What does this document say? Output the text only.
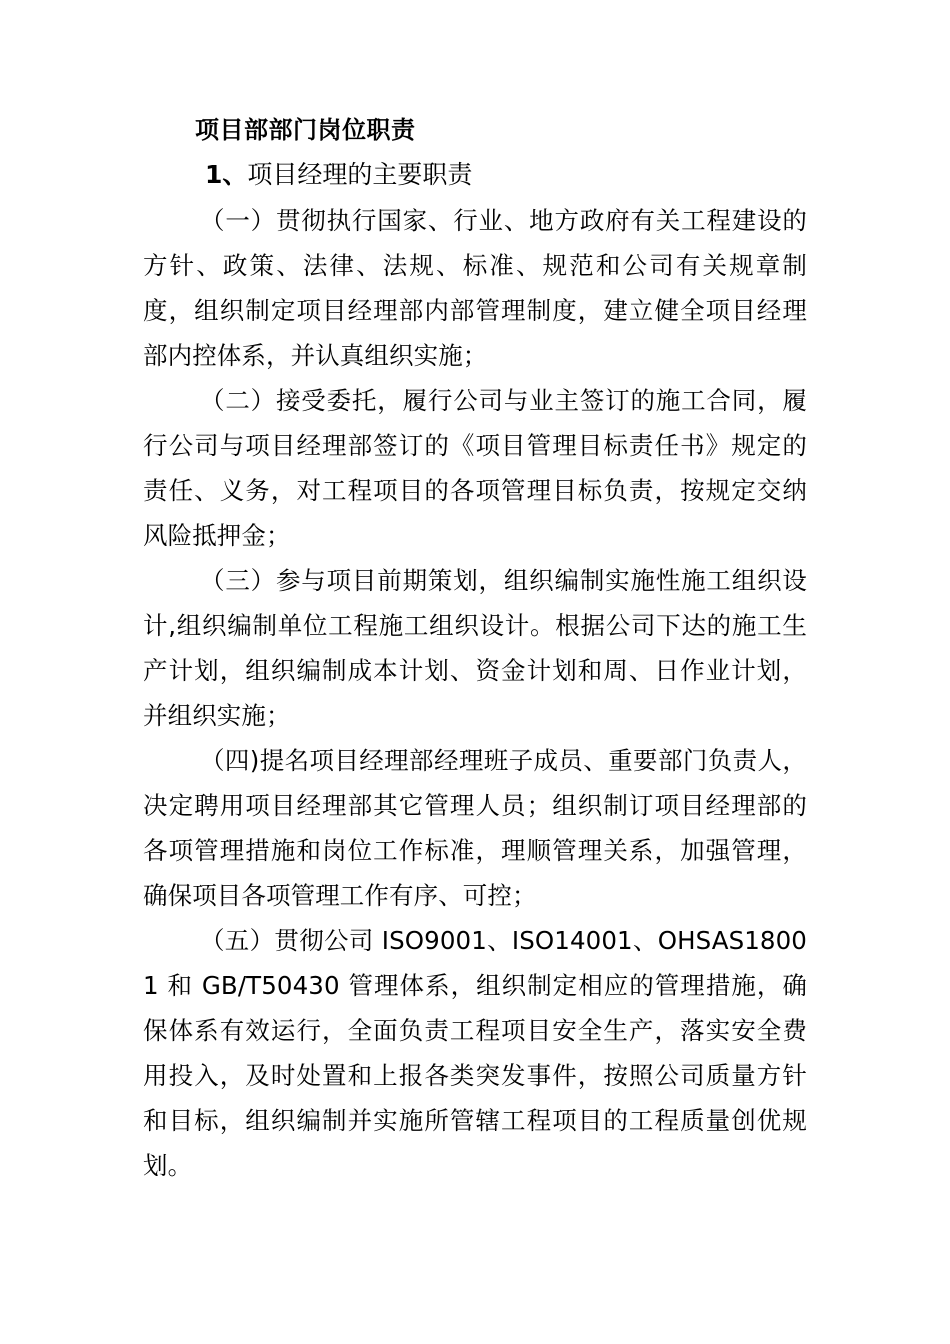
项目部部门岗位职责
1、项目经理的主要职责

（一）贯彻执行国家、行业、地方政府有关工程建设的方针、政策、法律、法规、标准、规范和公司有关规章制度，组织制定项目经理部内部管理制度，建立健全项目经理部内控体系，并认真组织实施；

（二）接受委托，履行公司与业主签订的施工合同，履行公司与项目经理部签订的《项目管理目标责任书》规定的责任、义务，对工程项目的各项管理目标负责，按规定交纳风险抵押金；

（三）参与项目前期策划，组织编制实施性施工组织设计,组织编制单位工程施工组织设计。根据公司下达的施工生产计划，组织编制成本计划、资金计划和周、日作业计划，并组织实施；

（四)提名项目经理部经理班子成员、重要部门负责人，决定聘用项目经理部其它管理人员；组织制订项目经理部的各项管理措施和岗位工作标准，理顺管理关系，加强管理，确保项目各项管理工作有序、可控；

（五）贯彻公司 ISO9001、ISO14001、OHSAS18001 和 GB/T50430 管理体系，组织制定相应的管理措施，确保体系有效运行，全面负责工程项目安全生产，落实安全费用投入，及时处置和上报各类突发事件，按照公司质量方针和目标，组织编制并实施所管辖工程项目的工程质量创优规划。
